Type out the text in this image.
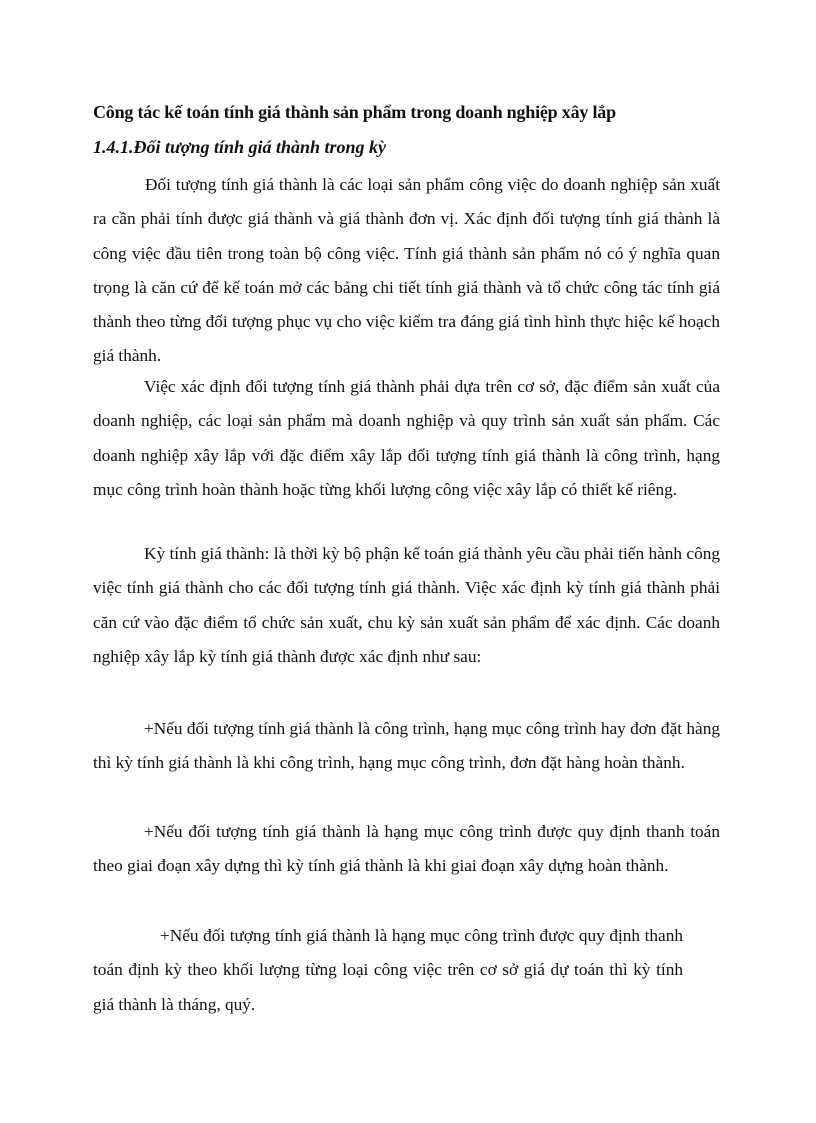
Công tác kế toán tính giá thành sản phẩm trong doanh nghiệp xây lắp
1.4.1.Đối tượng tính giá thành trong kỳ

Đối tượng tính giá thành là các loại sản phẩm công việc do doanh nghiệp sản xuất ra cần phải tính được giá thành và giá thành đơn vị. Xác định đối tượng tính giá thành là công việc đầu tiên trong toàn bộ công việc. Tính giá thành sản phẩm nó có ý nghĩa quan trọng là căn cứ để kế toán mở các bảng chi tiết tính giá thành và tổ chức công tác tính giá thành theo từng đối tượng phục vụ cho việc kiểm tra đáng giá tình hình thực hiệc kế hoạch giá thành.

Việc xác định đối tượng tính giá thành phải dựa trên cơ sở, đặc điểm sản xuất của doanh nghiệp, các loại sản phẩm mà doanh nghiệp và quy trình sản xuất sản phẩm. Các doanh nghiệp xây lắp với đặc điểm xây lắp đối tượng tính giá thành là công trình, hạng mục công trình hoàn thành hoặc từng khối lượng công việc xây lắp có thiết kế riêng.

Kỳ tính giá thành: là thời kỳ bộ phận kế toán giá thành yêu cầu phải tiến hành công việc tính giá thành cho các đối tượng tính giá thành. Việc xác định kỳ tính giá thành phải căn cứ vào đặc điểm tổ chức sản xuất, chu kỳ sản xuất sản phẩm để xác định. Các doanh nghiệp xây lắp kỳ tính giá thành được xác định như sau:

+Nếu đối tượng tính giá thành là công trình, hạng mục công trình hay đơn đặt hàng thì kỳ tính giá thành là khi công trình, hạng mục công trình, đơn đặt hàng hoàn thành.

+Nếu đối tượng tính giá thành là hạng mục công trình được quy định thanh toán theo giai đoạn xây dựng thì kỳ tính giá thành là khi giai đoạn xây dựng hoàn thành.

+Nếu đối tượng tính giá thành là hạng mục công trình được quy định thanh toán định kỳ theo khối lượng từng loại công việc trên cơ sở giá dự toán thì kỳ tính giá thành là tháng, quý.
